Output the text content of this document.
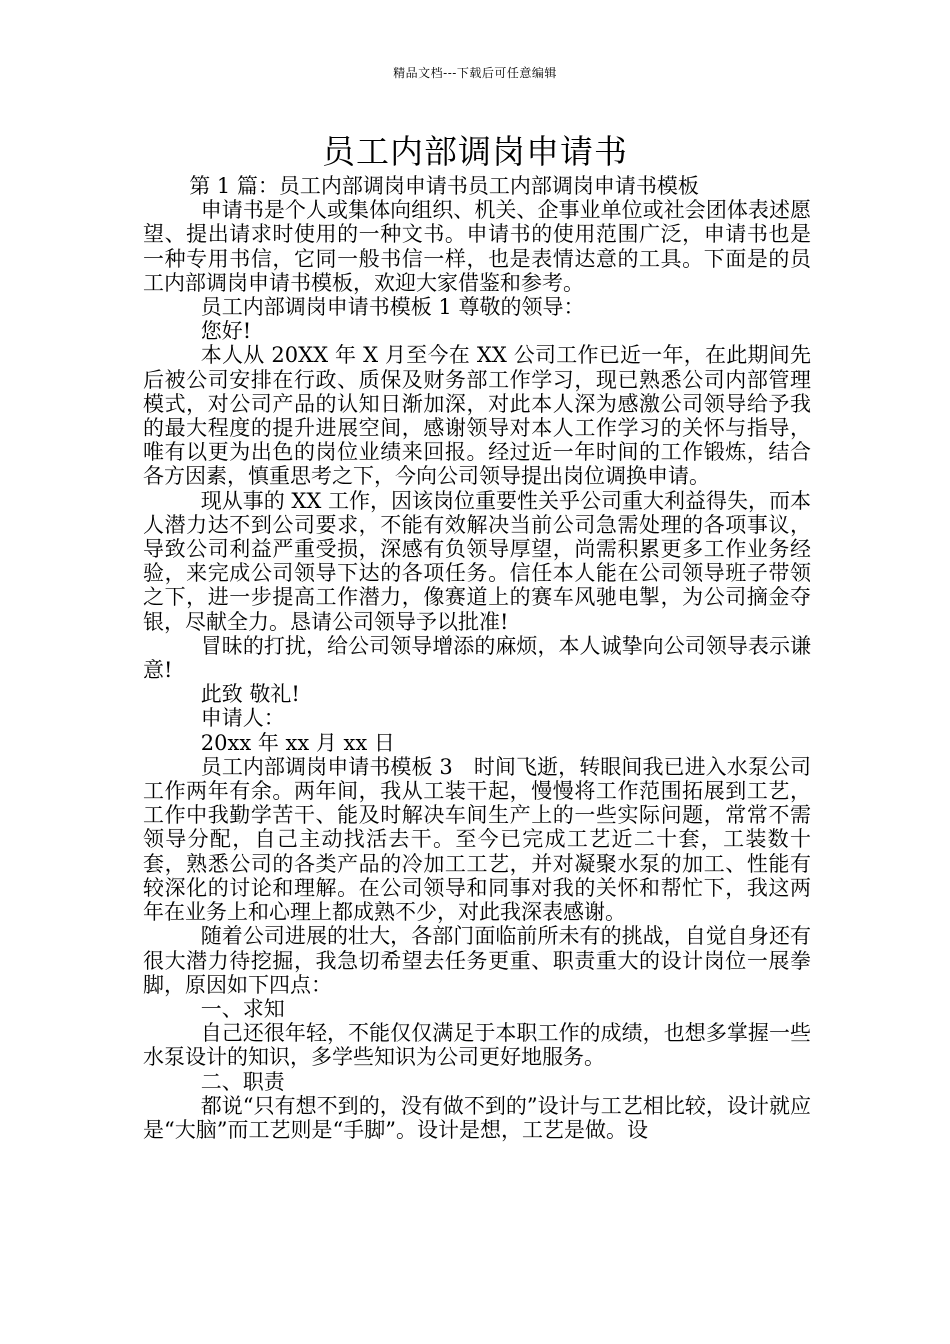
精品文档---下载后可任意编辑
员工内部调岗申请书

第 1 篇：员工内部调岗申请书员工内部调岗申请书模板

申请书是个人或集体向组织、机关、企事业单位或社会团体表述愿望、提出请求时使用的一种文书。申请书的使用范围广泛，申请书也是一种专用书信，它同一般书信一样，也是表情达意的工具。下面是的员工内部调岗申请书模板，欢迎大家借鉴和参考。

员工内部调岗申请书模板 1 尊敬的领导：

您好!

本人从 20XX 年 X 月至今在 XX 公司工作已近一年，在此期间先后被公司安排在行政、质保及财务部工作学习，现已熟悉公司内部管理模式，对公司产品的认知日渐加深，对此本人深为感激公司领导给予我的最大程度的提升进展空间，感谢领导对本人工作学习的关怀与指导，唯有以更为出色的岗位业绩来回报。经过近一年时间的工作锻炼，结合各方因素，慎重思考之下，今向公司领导提出岗位调换申请。

现从事的 XX 工作，因该岗位重要性关乎公司重大利益得失，而本人潜力达不到公司要求，不能有效解决当前公司急需处理的各项事议，导致公司利益严重受损，深感有负领导厚望，尚需积累更多工作业务经验，来完成公司领导下达的各项任务。信任本人能在公司领导班子带领之下，进一步提高工作潜力，像赛道上的赛车风驰电掣，为公司摘金夺银，尽献全力。恳请公司领导予以批准!

冒昧的打扰，给公司领导增添的麻烦，本人诚挚向公司领导表示谦意!

此致 敬礼!

申请人：

20xx 年 xx 月 xx 日

员工内部调岗申请书模板 3　时间飞逝，转眼间我已进入水泵公司工作两年有余。两年间，我从工装干起，慢慢将工作范围拓展到工艺，工作中我勤学苦干、能及时解决车间生产上的一些实际问题，常常不需领导分配，自己主动找活去干。至今已完成工艺近二十套，工装数十套，熟悉公司的各类产品的冷加工工艺，并对凝聚水泵的加工、性能有较深化的讨论和理解。在公司领导和同事对我的关怀和帮忙下，我这两年在业务上和心理上都成熟不少，对此我深表感谢。

随着公司进展的壮大，各部门面临前所未有的挑战，自觉自身还有很大潜力待挖掘，我急切希望去任务更重、职责重大的设计岗位一展拳脚，原因如下四点：

一、求知

自己还很年轻，不能仅仅满足于本职工作的成绩，也想多掌握一些水泵设计的知识，多学些知识为公司更好地服务。

二、职责

都说“只有想不到的，没有做不到的”设计与工艺相比较，设计就应是“大脑”而工艺则是“手脚”。设计是想，工艺是做。设
